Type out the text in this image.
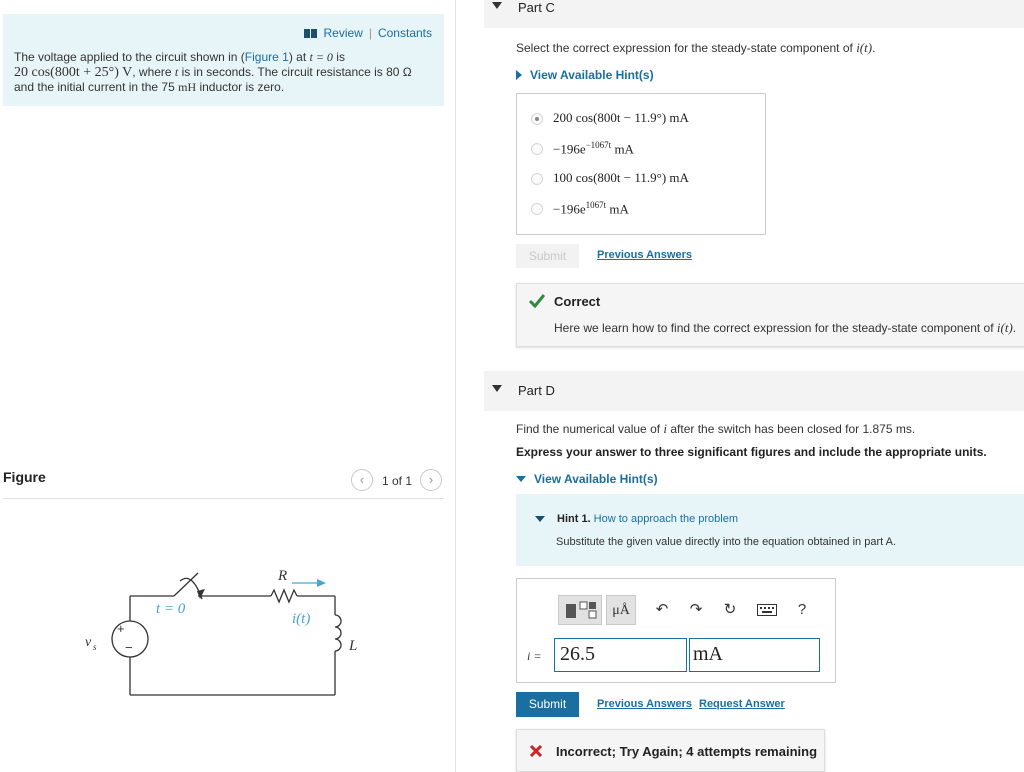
Review | Constants
The voltage applied to the circuit shown in (Figure 1) at t = 0 is
20 cos(800t + 25°) V, where t is in seconds. The circuit resistance is 80 Ω
and the initial current in the 75 mH inductor is zero.
Figure	‹	1 of 1	›
+
−
v s
t = 0
R
i(t)
L
Part C
Select the correct expression for the steady-state component of i(t).
View Available Hint(s)
200 cos(800t − 11.9°) mA
$-196e^{-1067t}$ mA
100 cos(800t − 11.9°) mA
$-196e^{1067t}$ mA
Submit	Previous Answers
Correct
Here we learn how to find the correct expression for the steady-state component of i(t).
Part D
Find the numerical value of i after the switch has been closed for 1.875 ms.
Express your answer to three significant figures and include the appropriate units.
View Available Hint(s)
Hint 1. How to approach the problem
Substitute the given value directly into the equation obtained in part A.
μÅ	↶	↷	↻	?
i = 26.5	mA
Submit	Previous Answers Request Answer
Incorrect; Try Again; 4 attempts remaining
